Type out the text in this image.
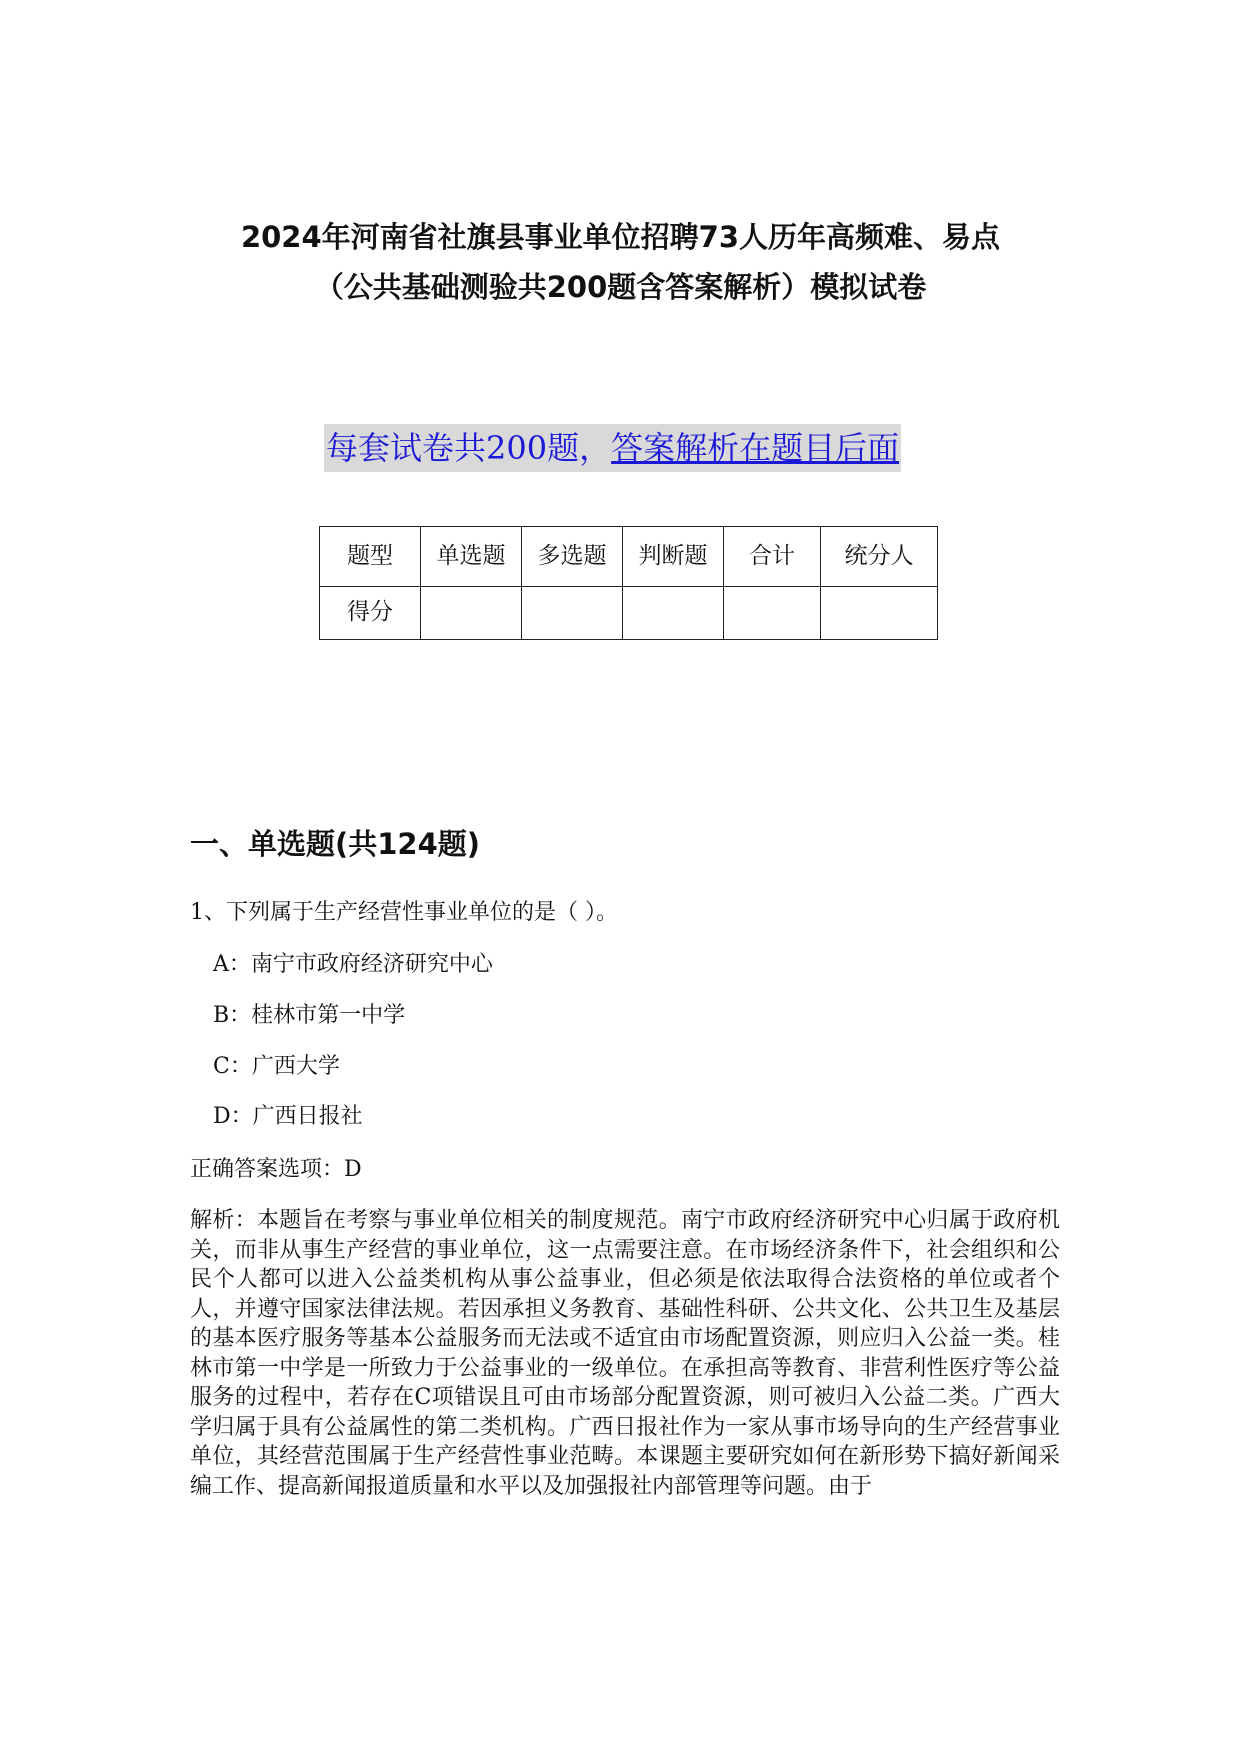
2024年河南省社旗县事业单位招聘73人历年高频难、易点
（公共基础测验共200题含答案解析）模拟试卷
每套试卷共200题，答案解析在题目后面
题型	单选题	多选题	判断题	合计	统分人
得分					
一、单选题(共124题)

1、下列属于生产经营性事业单位的是（ ）。

A：南宁市政府经济研究中心

B：桂林市第一中学

C：广西大学

D：广西日报社

正确答案选项：D

解析：本题旨在考察与事业单位相关的制度规范。南宁市政府经济研究中心归属于政府机关，而非从事生产经营的事业单位，这一点需要注意。在市场经济条件下，社会组织和公民个人都可以进入公益类机构从事公益事业，但必须是依法取得合法资格的单位或者个人，并遵守国家法律法规。若因承担义务教育、基础性科研、公共文化、公共卫生及基层的基本医疗服务等基本公益服务而无法或不适宜由市场配置资源，则应归入公益一类。桂林市第一中学是一所致力于公益事业的一级单位。在承担高等教育、非营利性医疗等公益服务的过程中，若存在C项错误且可由市场部分配置资源，则可被归入公益二类。广西大学归属于具有公益属性的第二类机构。广西日报社作为一家从事市场导向的生产经营事业单位，其经营范围属于生产经营性事业范畴。本课题主要研究如何在新形势下搞好新闻采编工作、提高新闻报道质量和水平以及加强报社内部管理等问题。由于
